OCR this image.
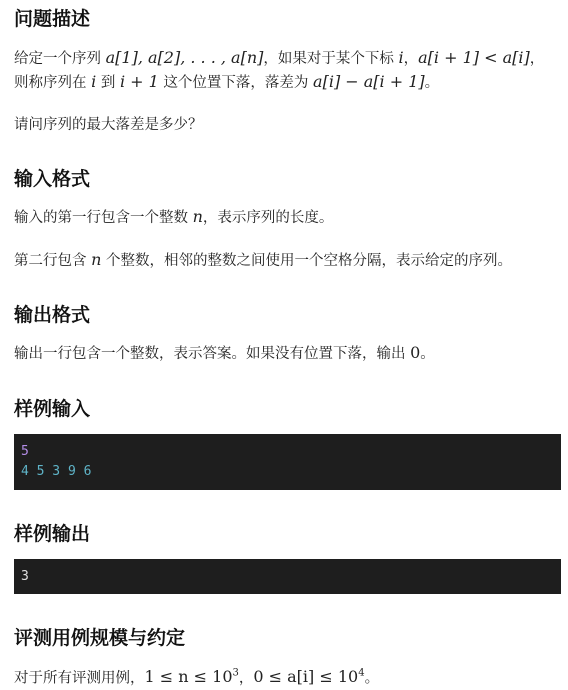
问题描述

给定一个序列 a[1], a[2], . . . , a[n]，如果对于某个下标 i，a[i + 1] < a[i]，

则称序列在 i 到 i + 1 这个位置下落，落差为 a[i] − a[i + 1]。

请问序列的最大落差是多少？

输入格式

输入的第一行包含一个整数 n，表示序列的长度。

第二行包含 n 个整数，相邻的整数之间使用一个空格分隔，表示给定的序列。

输出格式

输出一行包含一个整数，表示答案。如果没有位置下落，输出 0。

样例输入
5
4 5 3 9 6
样例输出
3
评测用例规模与约定

对于所有评测用例，$1 \le n \le 10^3$，$0 \le a[i] \le 10^4$。
